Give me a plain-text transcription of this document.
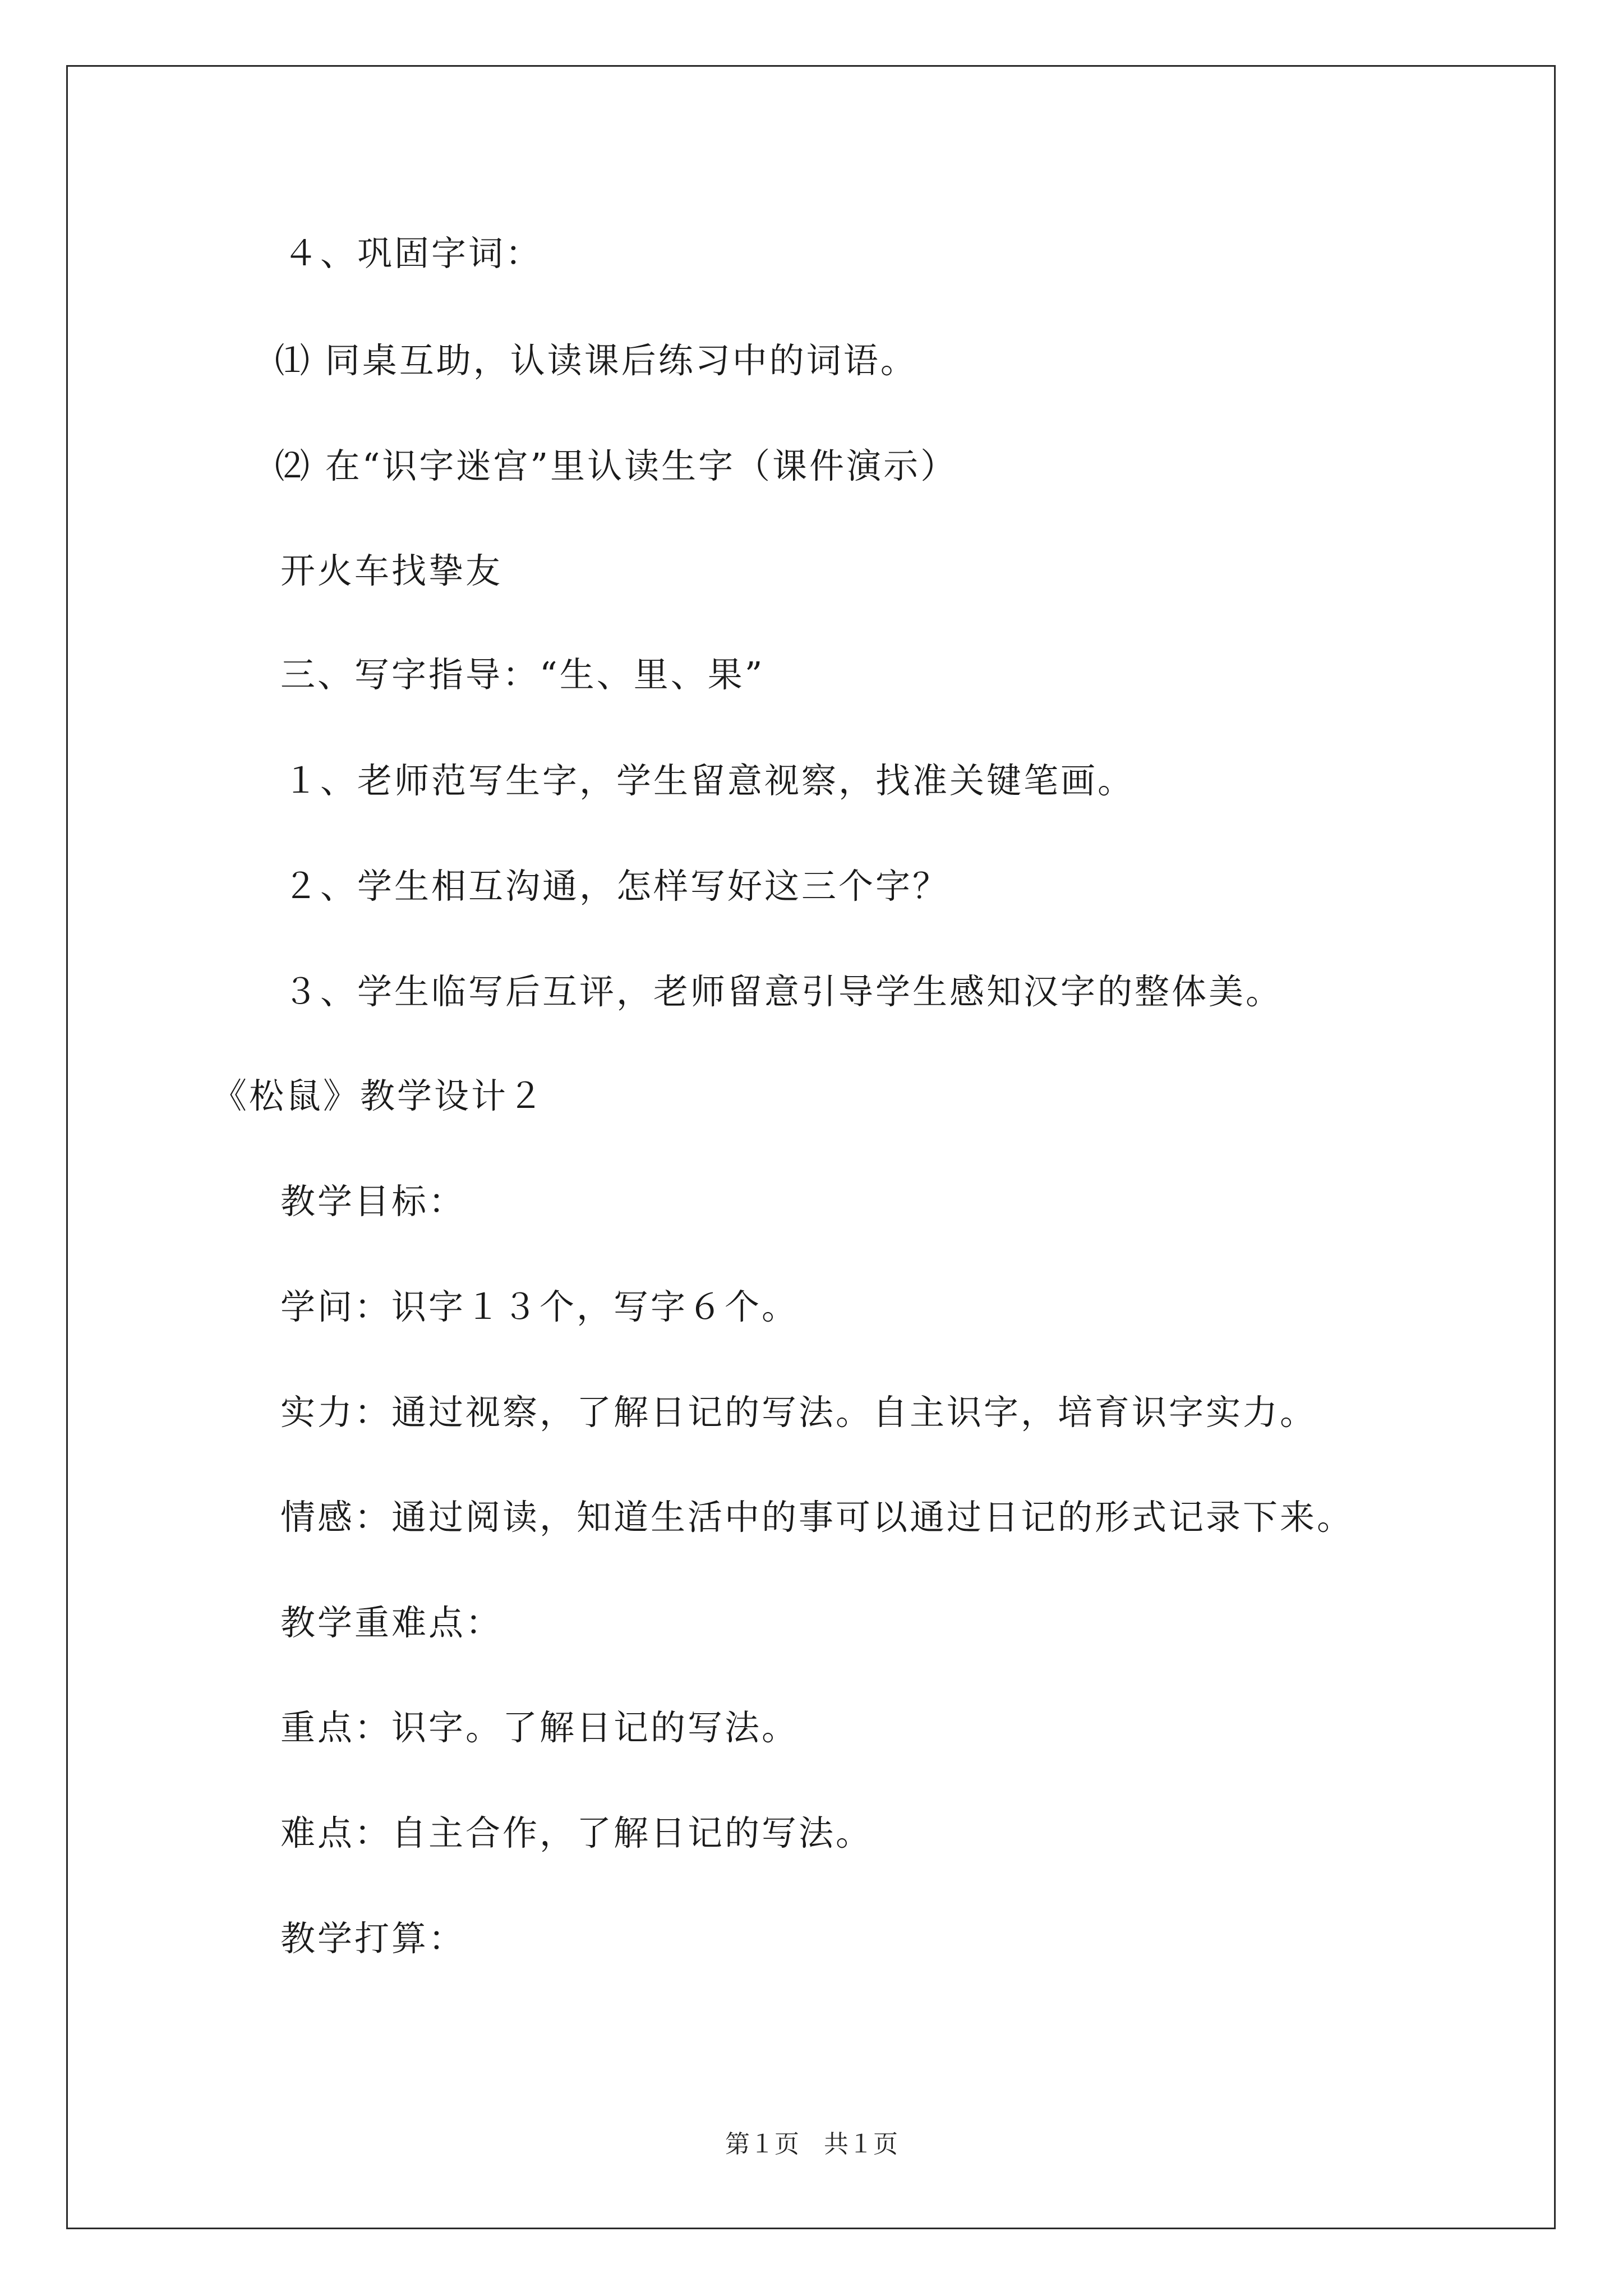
４、巩固字词：
⑴ 同桌互助，认读课后练习中的词语。
⑵ 在“识字迷宫”里认读生字（课件演示）
开火车找挚友
三、写字指导：“生、里、果”
１、老师范写生字，学生留意视察，找准关键笔画。
２、学生相互沟通，怎样写好这三个字？
３、学生临写后互评，老师留意引导学生感知汉字的整体美。
《松鼠》教学设计２
教学目标：
学问：识字１３个，写字６个。
实力：通过视察，了解日记的写法。自主识字，培育识字实力。
情感：通过阅读，知道生活中的事可以通过日记的形式记录下来。
教学重难点：
重点：识字。了解日记的写法。
难点：自主合作，了解日记的写法。
教学打算：
第１页　共１页
